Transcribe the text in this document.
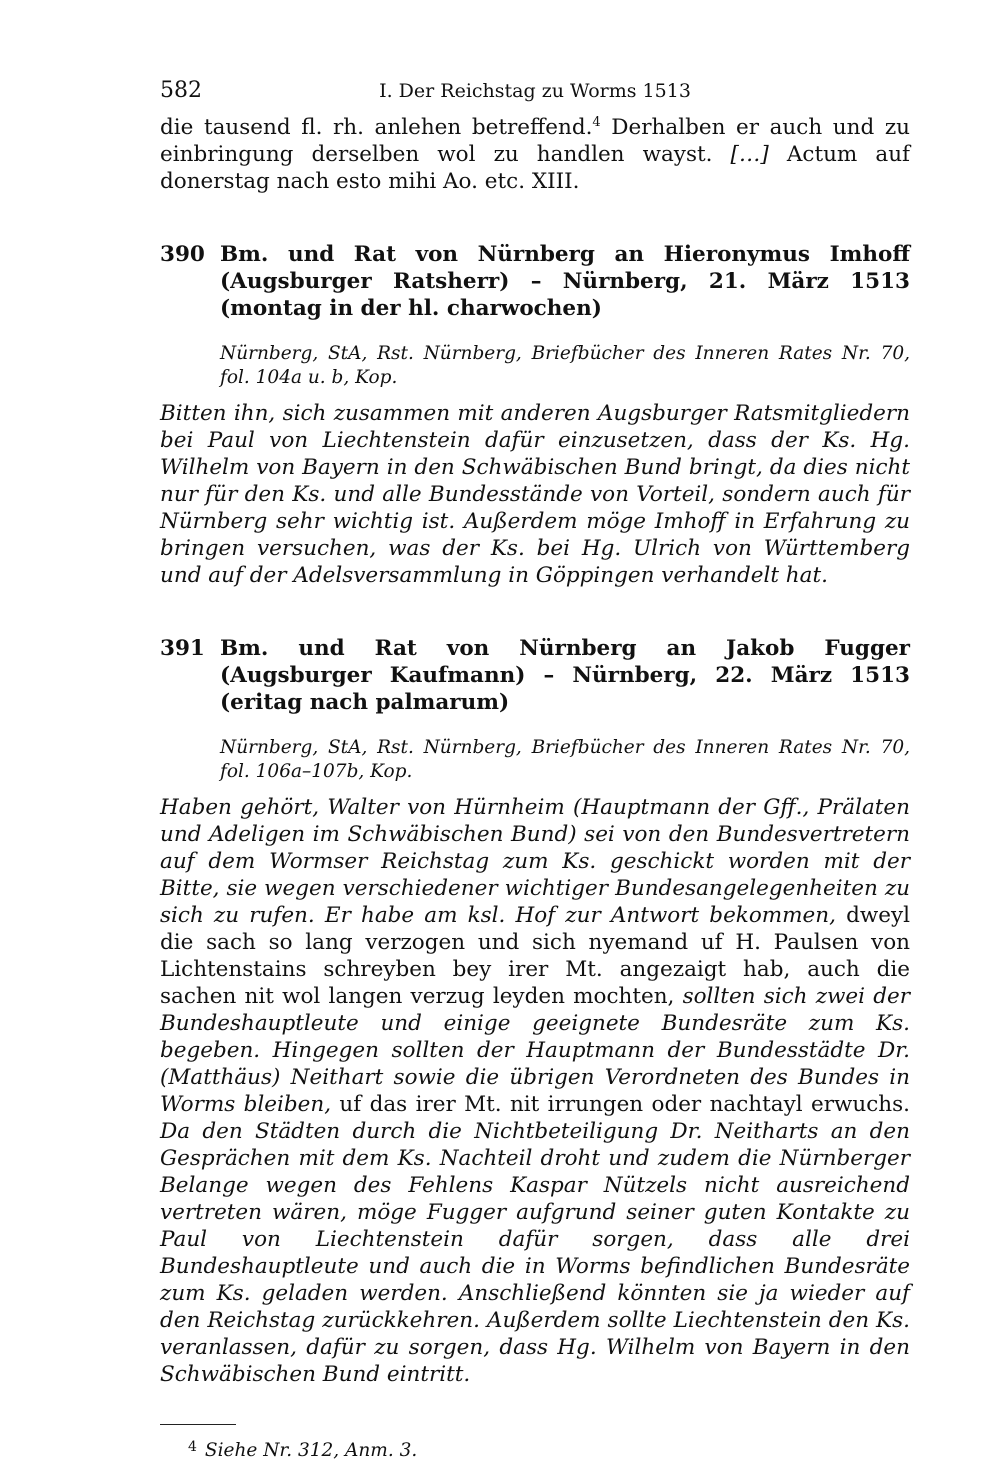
582	I. Der Reichstag zu Worms 1513

die tausend fl. rh. anlehen betreffend.$^4$ Derhalben er auch und zu einbringung derselben wol zu handlen wayst. […] Actum auf donerstag nach esto mihi Ao. etc. XIII.

390 Bm. und Rat von Nürnberg an Hieronymus Imhoff (Augsburger Ratsherr) – Nürnberg, 21. März 1513 (montag in der hl. charwochen)
Nürnberg, StA, Rst. Nürnberg, Briefbücher des Inneren Rates Nr. 70, fol. 104a u. b, Kop.

Bitten ihn, sich zusammen mit anderen Augsburger Ratsmitgliedern bei Paul von Liechtenstein dafür einzusetzen, dass der Ks. Hg. Wilhelm von Bayern in den Schwäbischen Bund bringt, da dies nicht nur für den Ks. und alle Bundesstände von Vorteil, sondern auch für Nürnberg sehr wichtig ist. Außerdem möge Imhoff in Erfahrung zu bringen versuchen, was der Ks. bei Hg. Ulrich von Württemberg und auf der Adelsversammlung in Göppingen verhandelt hat.

391 Bm. und Rat von Nürnberg an Jakob Fugger (Augsburger Kaufmann) – Nürnberg, 22. März 1513 (eritag nach palmarum)
Nürnberg, StA, Rst. Nürnberg, Briefbücher des Inneren Rates Nr. 70, fol. 106a–107b, Kop.

Haben gehört, Walter von Hürnheim (Hauptmann der Gff., Prälaten und Adeligen im Schwäbischen Bund) sei von den Bundesvertretern auf dem Wormser Reichstag zum Ks. geschickt worden mit der Bitte, sie wegen verschiedener wichtiger Bundesangelegenheiten zu sich zu rufen. Er habe am ksl. Hof zur Antwort bekommen, dweyl die sach so lang verzogen und sich nyemand uf H. Paulsen von Lichtenstains schreyben bey irer Mt. angezaigt hab, auch die sachen nit wol langen verzug leyden mochten, sollten sich zwei der Bundeshauptleute und einige geeignete Bundesräte zum Ks. begeben. Hingegen sollten der Hauptmann der Bundesstädte Dr. (Matthäus) Neithart sowie die übrigen Verordneten des Bundes in Worms bleiben, uf das irer Mt. nit irrungen oder nachtayl erwuchs. Da den Städten durch die Nichtbeteiligung Dr. Neitharts an den Gesprächen mit dem Ks. Nachteil droht und zudem die Nürnberger Belange wegen des Fehlens Kaspar Nützels nicht ausreichend vertreten wären, möge Fugger aufgrund seiner guten Kontakte zu Paul von Liechtenstein dafür sorgen, dass alle drei Bundeshauptleute und auch die in Worms befindlichen Bundesräte zum Ks. geladen werden. Anschließend könnten sie ja wieder auf den Reichstag zurückkehren. Außerdem sollte Liechtenstein den Ks. veranlassen, dafür zu sorgen, dass Hg. Wilhelm von Bayern in den Schwäbischen Bund eintritt.

$^4$ Siehe Nr. 312, Anm. 3.
